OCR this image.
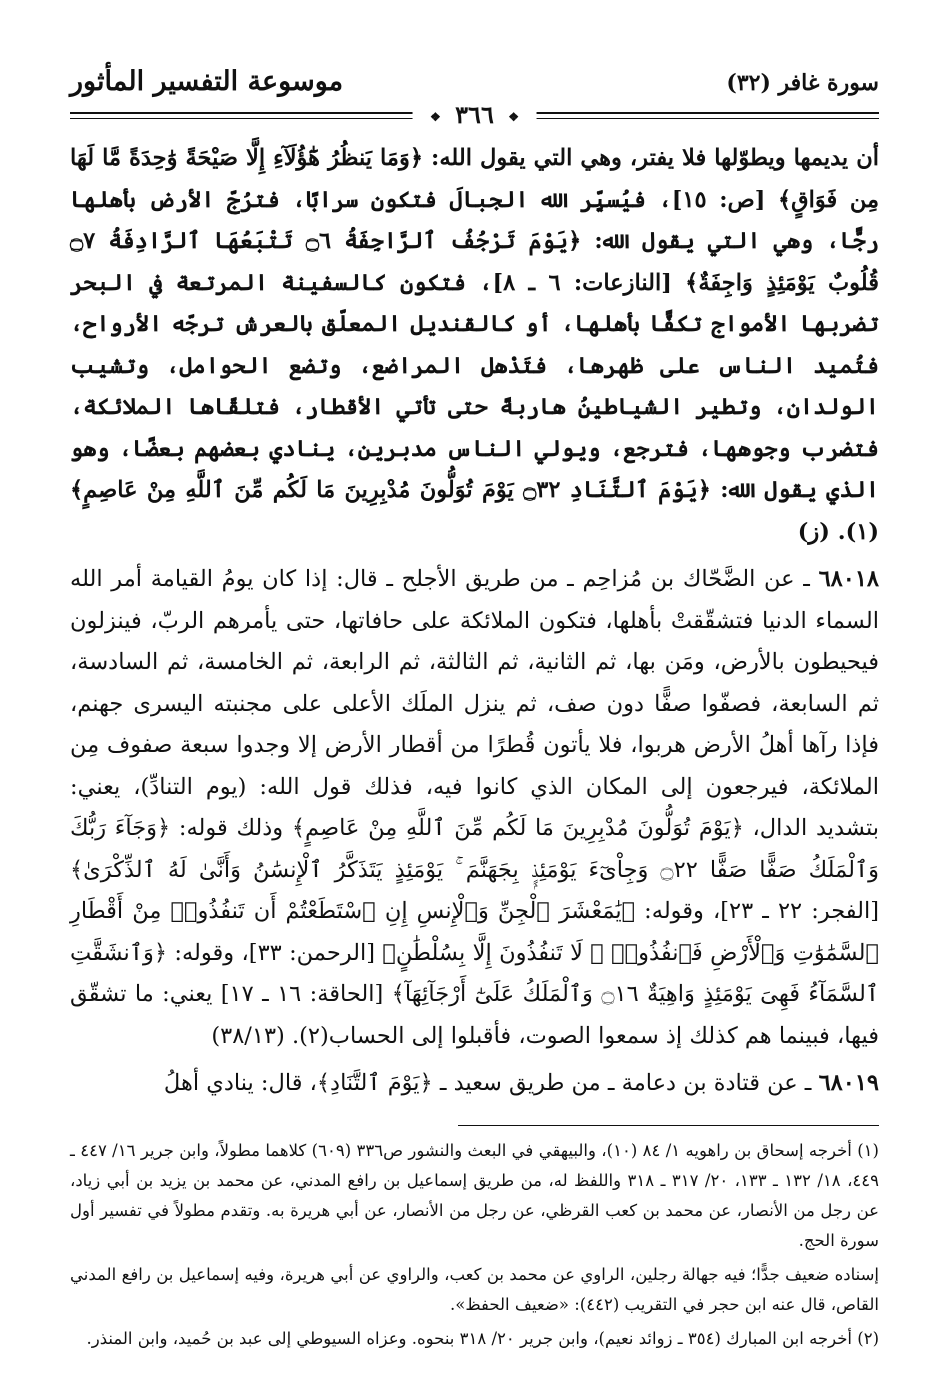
موسوعة التفسير المأثور	سورة غافر (٣٢)
❖ ٣٦٦ ❖

أن يديمها ويطوّلها فلا يفتر، وهي التي يقول الله: ﴿وَمَا يَنظُرُ هَٰٓؤُلَآءِ إِلَّا صَيْحَةً وَٰحِدَةً مَّا لَهَا مِن فَوَاقٍ﴾ [ص: ١٥]، فيُسيِّر الله الجبالَ فتكون سرابًا، فترُجّ الأرض بأهلها رجًّا، وهي التي يقول الله: ﴿يَوْمَ تَرْجُفُ ٱلرَّاجِفَةُ ۝٦ تَتْبَعُهَا ٱلرَّادِفَةُ ۝٧ قُلُوبٌ يَوْمَئِذٍ وَاجِفَةٌ﴾ [النازعات: ٦ ـ ٨]، فتكون كالسفينة المرتعة في البحر تضربها الأمواج تكفًّا بأهلها، أو كالقنديل المعلّق بالعرش ترجّه الأرواح، فتُميد الناس على ظهرها، فتَذْهل المراضع، وتضع الحوامل، وتشيب الولدان، وتطير الشياطينُ هاربةً حتى تأتي الأقطار، فتلقّاها الملائكة، فتضرب وجوهها، فترجع، ويولي الناس مدبرين، ينادي بعضهم بعضًا، وهو الذي يقول الله: ﴿يَوْمَ ٱلتَّنَادِ ۝٣٢ يَوْمَ تُوَلُّونَ مُدْبِرِينَ مَا لَكُم مِّنَ ٱللَّهِ مِنْ عَاصِمٍ﴾(١). (ز)

٦٨٠١٨ ـ عن الضَّحّاك بن مُزاحِم ـ من طريق الأجلح ـ قال: إذا كان يومُ القيامة أمر الله السماء الدنيا فتشقّقتْ بأهلها، فتكون الملائكة على حافاتها، حتى يأمرهم الربّ، فينزلون فيحيطون بالأرض، ومَن بها، ثم الثانية، ثم الثالثة، ثم الرابعة، ثم الخامسة، ثم السادسة، ثم السابعة، فصفّوا صفًّا دون صف، ثم ينزل الملَك الأعلى على مجنبته اليسرى جهنم، فإذا رآها أهلُ الأرض هربوا، فلا يأتون قُطرًا من أقطار الأرض إلا وجدوا سبعة صفوف مِن الملائكة، فيرجعون إلى المكان الذي كانوا فيه، فذلك قول الله: (يوم التنادِّ)، يعني: بتشديد الدال، ﴿يَوْمَ تُوَلُّونَ مُدْبِرِينَ مَا لَكُم مِّنَ ٱللَّهِ مِنْ عَاصِمٍ﴾ وذلك قوله: ﴿وَجَآءَ رَبُّكَ وَٱلْمَلَكُ صَفًّا صَفًّا ۝٢٢ وَجِاْىٓءَ يَوْمَئِذٍۭ بِجَهَنَّمَ ۚ يَوْمَئِذٍ يَتَذَكَّرُ ٱلْإِنسَٰنُ وَأَنَّىٰ لَهُ ٱلذِّكْرَىٰ﴾ [الفجر: ٢٢ ـ ٢٣]، وقوله: ﴿يَٰمَعْشَرَ ٱلْجِنِّ وَٱلْإِنسِ إِنِ ٱسْتَطَعْتُمْ أَن تَنفُذُوا۟ مِنْ أَقْطَارِ ٱلسَّمَٰوَٰتِ وَٱلْأَرْضِ فَٱنفُذُوا۟ ۚ لَا تَنفُذُونَ إِلَّا بِسُلْطَٰنٍ﴾ [الرحمن: ٣٣]، وقوله: ﴿وَٱنشَقَّتِ ٱلسَّمَآءُ فَهِىَ يَوْمَئِذٍ وَاهِيَةٌ ۝١٦ وَٱلْمَلَكُ عَلَىٰٓ أَرْجَآئِهَآ﴾ [الحاقة: ١٦ ـ ١٧] يعني: ما تشقّق فيها، فبينما هم كذلك إذ سمعوا الصوت، فأقبلوا إلى الحساب(٢). (٣٨/١٣)

٦٨٠١٩ ـ عن قتادة بن دعامة ـ من طريق سعيد ـ ﴿يَوْمَ ٱلتَّنَادِ﴾، قال: ينادي أهلُ

(١) أخرجه إسحاق بن راهويه ١/ ٨٤ (١٠)، والبيهقي في البعث والنشور ص٣٣٦ (٦٠٩) كلاهما مطولاً، وابن جرير ١٦/ ٤٤٧ ـ ٤٤٩، ١٨/ ١٣٢ ـ ١٣٣، ٢٠/ ٣١٧ ـ ٣١٨ واللفظ له، من طريق إسماعيل بن رافع المدني، عن محمد بن يزيد بن أبي زياد، عن رجل من الأنصار، عن محمد بن كعب القرظي، عن رجل من الأنصار، عن أبي هريرة به. وتقدم مطولاً في تفسير أول سورة الحج.

إسناده ضعيف جدًّا؛ فيه جهالة رجلين، الراوي عن محمد بن كعب، والراوي عن أبي هريرة، وفيه إسماعيل بن رافع المدني القاص، قال عنه ابن حجر في التقريب (٤٤٢): «ضعيف الحفظ».

(٢) أخرجه ابن المبارك (٣٥٤ ـ زوائد نعيم)، وابن جرير ٢٠/ ٣١٨ بنحوه. وعزاه السيوطي إلى عبد بن حُميد، وابن المنذر.
